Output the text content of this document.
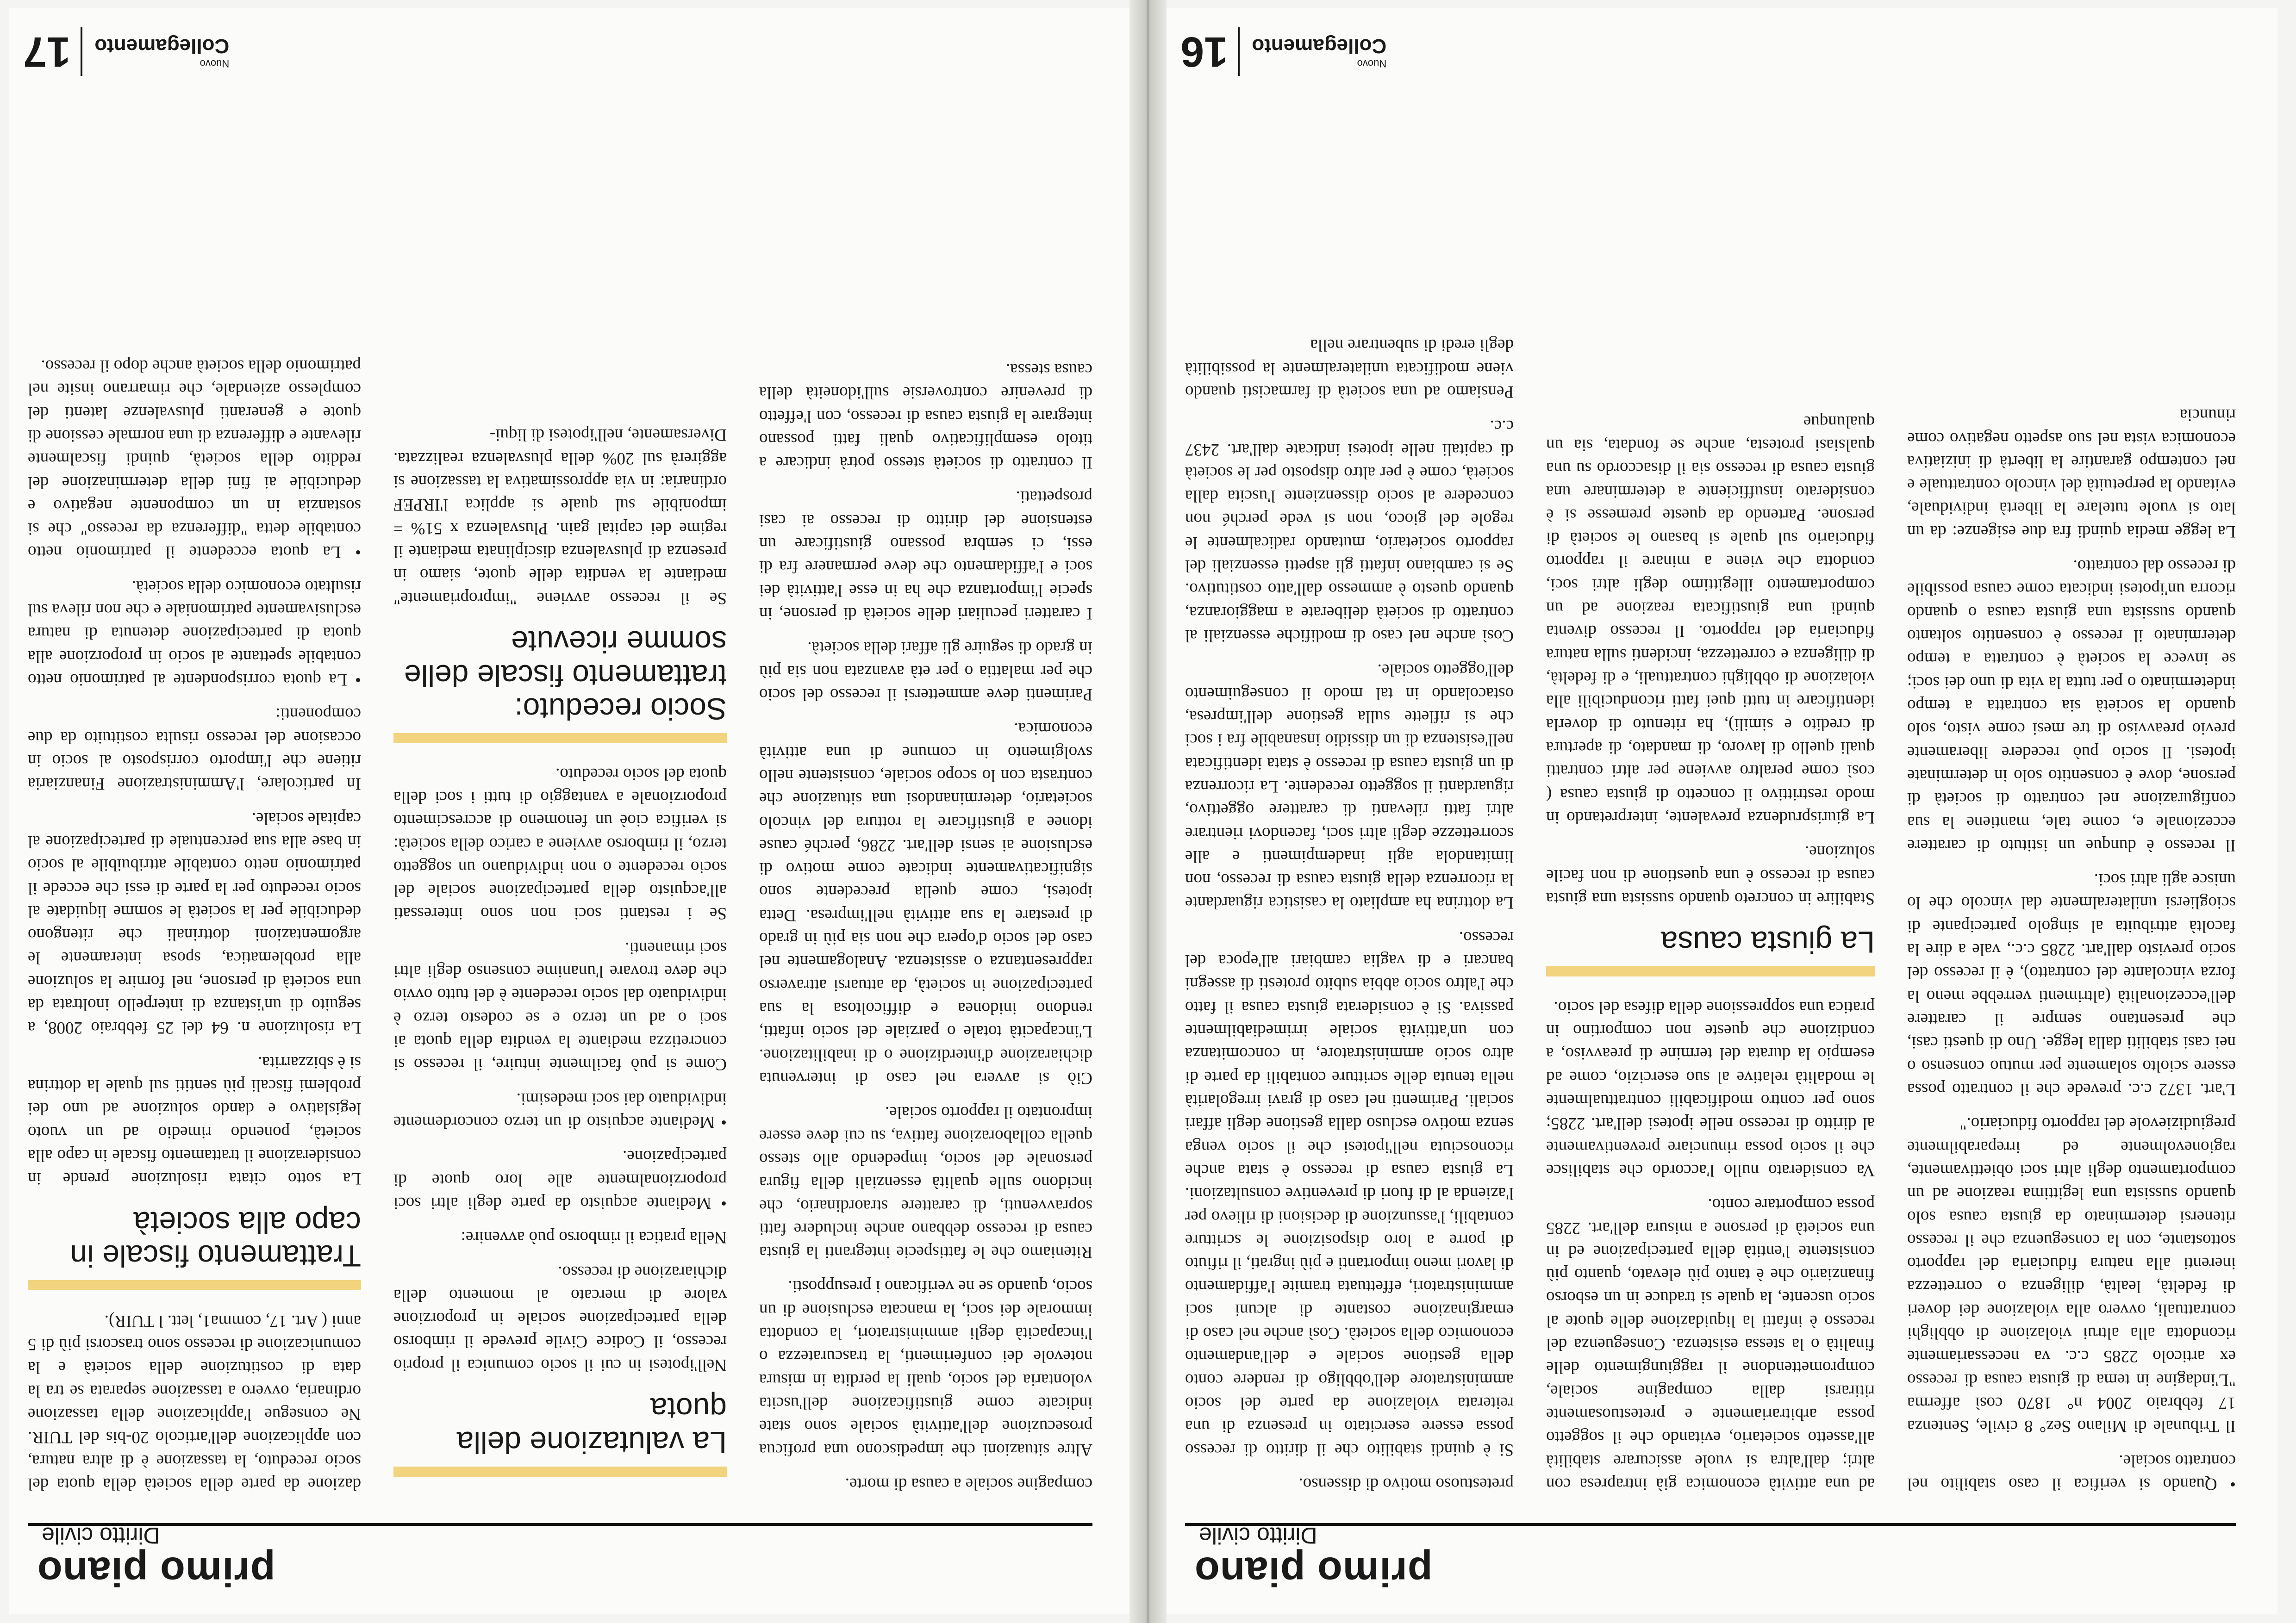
primo piano
Diritto civile

• Quando si verifica il caso stabilito nel contratto sociale.

Il Tribunale di Milano Sez° 8 civile, Sentenza 17 febbraio 2004 n° 1870 così afferma "L'indagine in tema di giusta causa di recesso ex articolo 2285 c.c. va necessariamente ricondotta alla altrui violazione di obblighi contrattuali, ovvero alla violazione dei doveri di fedeltà, lealtà, diligenza o correttezza inerenti alla natura fiduciaria del rapporto sottostante, con la conseguenza che il recesso ritenersi determinato da giusta causa solo quando sussista una legittima reazione ad un comportamento degli altri soci obiettivamente, ragionevolmente ed irreparabilmente pregiudizievole del rapporto fiduciario."

L'art. 1372 c.c. prevede che il contratto possa essere sciolto solamente per mutuo consenso o nei casi stabiliti dalla legge. Uno di questi casi, che presentano sempre il carattere dell'eccezionalità (altrimenti verrebbe meno la forza vincolante del contratto), è il recesso del socio previsto dall'art. 2285 c.c., vale a dire la facoltà attribuita al singolo partecipante di sciogliersi unilateralmente dal vincolo che lo unisce agli altri soci.

Il recesso è dunque un istituto di carattere eccezionale e, come tale, mantiene la sua configurazione nel contratto di società di persone, dove è consentito solo in determinate ipotesi. Il socio può recedere liberamente previo preavviso di tre mesi come visto, solo quando la società sia contratta a tempo indeterminato o per tutta la vita di uno dei soci; se invece la società è contratta a tempo determinato il recesso è consentito soltanto quando sussista una giusta causa o quando ricorra un'ipotesi indicata come causa possibile di recesso dal contratto.

La legge media quindi fra due esigenze: da un lato si vuole tutelare la libertà individuale, evitando la perpetuità del vincolo contrattuale e nel contempo garantire la libertà di iniziativa economica vista nel suo aspetto negativo come rinuncia

ad una attività economica già intrapresa con altri; dall'altra si vuole assicurare stabilità all'assetto societario, evitando che il soggetto possa arbitrariamente e pretestuosamente ritirarsi dalla compagine sociale, compromettendone il raggiungimento delle finalità o la stessa esistenza. Conseguenza del recesso è infatti la liquidazione delle quote al socio uscente, la quale si traduce in un esborso finanziario che è tanto più elevato, quanto più consistente l'entità della partecipazione ed in una società di persone a misura dell'art. 2285 possa comportare conto.

Va considerato nullo l'accordo che stabilisce che il socio possa rinunciare preventivamente al diritto di recesso nelle ipotesi dell'art. 2285; sono per contro modificabili contrattualmente le modalità relative al suo esercizio, come ad esempio la durata del termine di preavviso, a condizione che queste non comportino in pratica una soppressione della difesa del socio.

La giusta causa

Stabilire in concreto quando sussista una giusta causa di recesso è una questione di non facile soluzione.

La giurisprudenza prevalente, interpretando in modo restrittivo il concetto di giusta causa ( così come peraltro avviene per altri contratti quali quello di lavoro, di mandato, di apertura di credito e simili), ha ritenuto di doverla identificare in tutti quei fatti riconducibili alla violazione di obblighi contrattuali, e di fedeltà, di diligenza e correttezza, incidenti sulla natura fiduciaria del rapporto. Il recesso diventa quindi una giustificata reazione ad un comportamento illegittimo degli altri soci, condotta che viene a minare il rapporto fiduciario sul quale si basano le società di persone. Partendo da queste premesse si è considerato insufficiente a determinare una giusta causa di recesso sia il disaccordo su una qualsiasi protesta, anche se fondata, sia un qualunque

pretestuoso motivo di dissenso.

Si è quindi stabilito che il diritto di recesso possa essere esercitato in presenza di una reiterata violazione da parte del socio amministratore dell'obbligo di rendere conto della gestione sociale e dell'andamento economico della società. Così anche nel caso di emarginazione costante di alcuni soci amministratori, effettuata tramite l'affidamento di lavori meno importanti e più ingrati, il rifiuto di porre a loro disposizione le scritture contabili, l'assunzione di decisioni di rilievo per l'azienda al di fuori di preventive consultazioni. La giusta causa di recesso è stata anche riconosciuta nell'ipotesi che il socio venga senza motivo escluso dalla gestione degli affari sociali. Parimenti nel caso di gravi irregolarità nella tenuta delle scritture contabili da parte di altro socio amministratore, in concomitanza con un'attività sociale irrimediabilmente passiva. Si è considerata giusta causa il fatto che l'altro socio abbia subito protesti di assegni bancari e di vaglia cambiari all'epoca del recesso.

La dottrina ha ampliato la casistica riguardante la ricorrenza della giusta causa di recesso, non limitandola agli inadempimenti e alle scorrettezze degli altri soci, facendovi rientrare altri fatti rilevanti di carattere oggettivo, riguardanti il soggetto recedente. La ricorrenza di un giusta causa di recesso è stata identificata nell'esistenza di un dissidio insanabile fra i soci che si riflette sulla gestione dell'impresa, ostacolando in tal modo il conseguimento dell'oggetto sociale.

Così anche nel caso di modifiche essenziali al contratto di società deliberate a maggioranza, quando questo è ammesso dall'atto costitutivo. Se si cambiano infatti gli aspetti essenziali del rapporto societario, mutando radicalmente le regole del gioco, non si vede perché non concedere al socio dissenziente l'uscita dalla società, come è per altro disposto per le società di capitali nelle ipotesi indicate dall'art. 2437 c.c.

Pensiamo ad una società di farmacisti quando viene modificata unilateralmente la possibilità degli eredi di subentrare nella

Nuovo
Collegamento
16
primo piano
Diritto civile

compagine sociale a causa di morte.

Altre situazioni che impediscono una proficua prosecuzione dell'attività sociale sono state indicate come giustificazione dell'uscita volontaria del socio, quali la perdita in misura notevole dei conferimenti, la trascuratezza o l'incapacità degli amministratori, la condotta immorale dei soci, la mancata esclusione di un socio, quando se ne verificano i presupposti.

Riteniamo che le fattispecie integranti la giusta causa di recesso debbano anche includere fatti sopravvenuti, di carattere straordinario, che incidono sulle qualità essenziali della figura personale del socio, impedendo allo stesso quella collaborazione fattiva, su cui deve essere improntato il rapporto sociale.

Ciò si avvera nel caso di intervenuta dichiarazione d'interdizione o di inabilitazione. L'incapacità totale o parziale del socio infatti, rendono inidonea e difficoltosa la sua partecipazione in società, da attuarsi attraverso rappresentanza o assistenza. Analogamente nel caso del socio d'opera che non sia più in grado di prestare la sua attività nell'impresa. Detta ipotesi, come quella precedente sono significativamente indicate come motivo di esclusione ai sensi dell'art. 2286, perché cause idonee a giustificare la rottura del vincolo societario, determinandosi una situazione che contrasta con lo scopo sociale, consistente nello svolgimento in comune di una attività economica.

Parimenti deve ammettersi il recesso del socio che per malattia o per età avanzata non sia più in grado di seguire gli affari della società.

I caratteri peculiari delle società di persone, in specie l'importanza che ha in esse l'attività dei soci e l'affidamento che deve permanere fra di essi, ci sembra possano giustificare un estensione del diritto di recesso ai casi prospettati.

Il contratto di società stesso potrà indicare a titolo esemplificativo quali fatti possano integrare la giusta causa di recesso, con l'effetto di prevenire controversie sull'idoneità della causa stessa.

La valutazione della quota

Nell'ipotesi in cui il socio comunica il proprio recesso, il Codice Civile prevede il rimborso della partecipazione sociale in proporzione valore di mercato al momento della dichiarazione di recesso.

Nella pratica il rimborso può avvenire:

• Mediante acquisto da parte degli altri soci proporzionalmente alle loro quote di partecipazione.

• Mediante acquisto di un terzo concordemente individuato dai soci medesimi.

Come si può facilmente intuire, il recesso si concretizza mediante la vendita della quota ai soci o ad un terzo e se codesto terzo è individuato dal socio recedente è del tutto ovvio che deve trovare l'unanime consenso degli altri soci rimanenti.

Se i restanti soci non sono interessati all'acquisto della partecipazione sociale del socio recedente o non individuano un soggetto terzo, il rimborso avviene a carico della società: si verifica cioè un fenomeno di accrescimento proporzionale a vantaggio di tutti i soci della quota del socio receduto.

Socio receduto: trattamento fiscale delle somme ricevute

Se il recesso avviene "impropriamente" mediante la vendita delle quote, siamo in presenza di plusvalenza disciplinata mediante il regime dei capital gain. Plusvalenza x 51% = imponibile sul quale si applica l'IRPEF ordinaria: in via approssimativa la tassazione si aggirerà sul 20% della plusvalenza realizzata. Diversamente, nell'ipotesi di liqui-

dazione da parte della società della quota del socio receduto, la tassazione è di altra natura, con applicazione dell'articolo 20-bis del TUIR. Ne consegue l'applicazione della tassazione ordinaria, ovvero a tassazione separata se tra la data di costituzione della società e la comunicazione di recesso sono trascorsi più di 5 anni ( Art. 17, comma1, lett. l TUIR).

Trattamento fiscale in capo alla società

La sotto citata risoluzione prende in considerazione il trattamento fiscale in capo alla società, ponendo rimedio ad un vuoto legislativo e dando soluzione ad uno dei problemi fiscali più sentiti sul quale la dottrina si è sbizzarrita.

La risoluzione n. 64 del 25 febbraio 2008, a seguito di un'istanza di interpello inoltrata da una società di persone, nel fornire la soluzione alla problematica, sposa interamente le argomentazioni dottrinali che ritengono deducibile per la società le somme liquidate al socio receduto per la parte di essi che eccede il patrimonio netto contabile attribuibile al socio in base alla sua percentuale di partecipazione al capitale sociale.

In particolare, l'Amministrazione Finanziaria ritiene che l'importo corrisposto al socio in occasione del recesso risulta costituito da due componenti:

• La quota corrispondente al patrimonio netto contabile spettante al socio in proporzione alla quota di partecipazione detenuta di natura esclusivamente patrimoniale e che non rileva sul risultato economico della società.

• La quota eccedente il patrimonio netto contabile detta "differenza da recesso" che si sostanzia in un componente negativo e deducibile ai fini della determinazione del reddito della società, quindi fiscalmente rilevante e differenza di una normale cessione di quote e generanti plusvalenze latenti del complesso aziendale, che rimarrano insite nel patrimonio della società anche dopo il recesso.

Nuovo
Collegamento
17
